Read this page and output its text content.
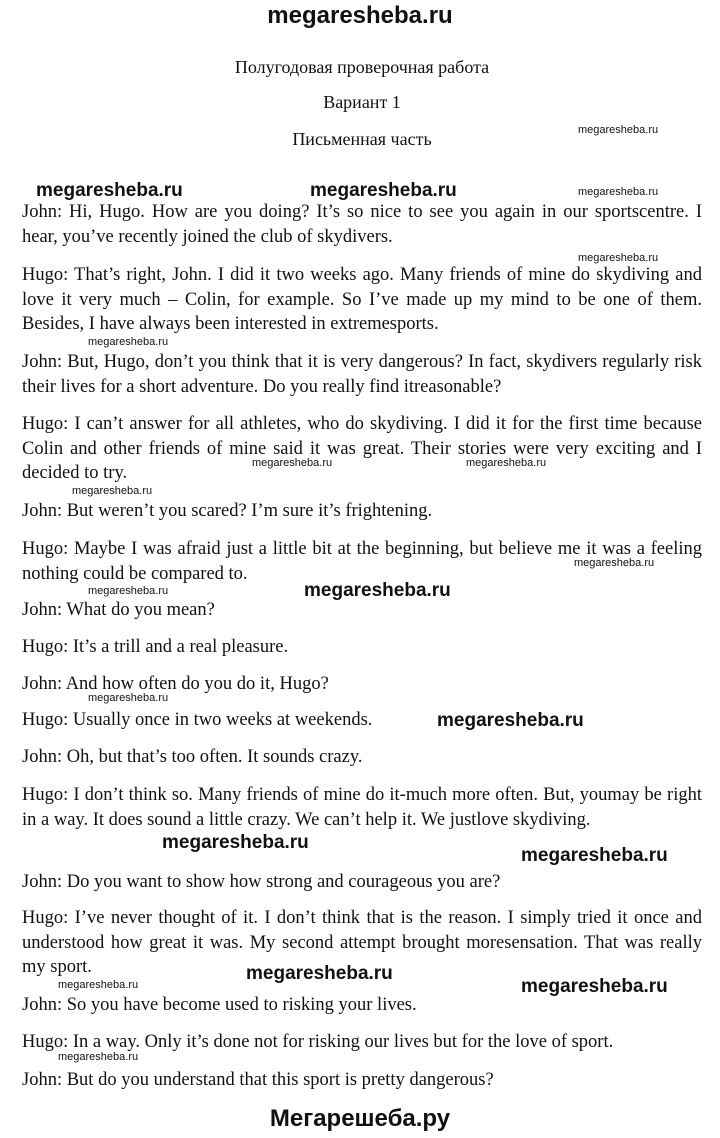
megaresheba.ru
Полугодовая проверочная работа
Вариант 1
Письменная часть
John: Hi, Hugo. How are you doing? It’s so nice to see you again in our sportscentre. I hear, you’ve recently joined the club of skydivers.
Hugo: That’s right, John. I did it two weeks ago. Many friends of mine do skydiving and love it very much – Colin, for example. So I’ve made up my mind to be one of them. Besides, I have always been interested in extremesports.
John: But, Hugo, don’t you think that it is very dangerous? In fact, skydivers regularly risk their lives for a short adventure. Do you really find itreasonable?
Hugo: I can’t answer for all athletes, who do skydiving. I did it for the first time because Colin and other friends of mine said it was great. Their stories were very exciting and I decided to try.
John: But weren’t you scared? I’m sure it’s frightening.
Hugo: Maybe I was afraid just a little bit at the beginning, but believe me it was a feeling nothing could be compared to.
John: What do you mean?
Hugo: It’s a trill and a real pleasure.
John: And how often do you do it, Hugo?
Hugo: Usually once in two weeks at weekends.
John: Oh, but that’s too often. It sounds crazy.
Hugo: I don’t think so. Many friends of mine do it-much more often. But, youmay be right in a way. It does sound a little crazy. We can’t help it. We justlove skydiving.
John: Do you want to show how strong and courageous you are?
Hugo: I’ve never thought of it. I don’t think that is the reason. I simply tried it once and understood how great it was. My second attempt brought moresensation. That was really my sport.
John: So you have become used to risking your lives.
Hugo: In a way. Only it’s done not for risking our lives but for the love of sport.
John: But do you understand that this sport is pretty dangerous?
megaresheba.ru
megaresheba.ru	megaresheba.ru	megaresheba.ru
megaresheba.ru
megaresheba.ru
megaresheba.ru	megaresheba.ru
megaresheba.ru
megaresheba.ru
megaresheba.ru	megaresheba.ru
megaresheba.ru
megaresheba.ru
megaresheba.ru
megaresheba.ru
megaresheba.ru
megaresheba.ru	megaresheba.ru
megaresheba.ru
Мегарешеба.ру
